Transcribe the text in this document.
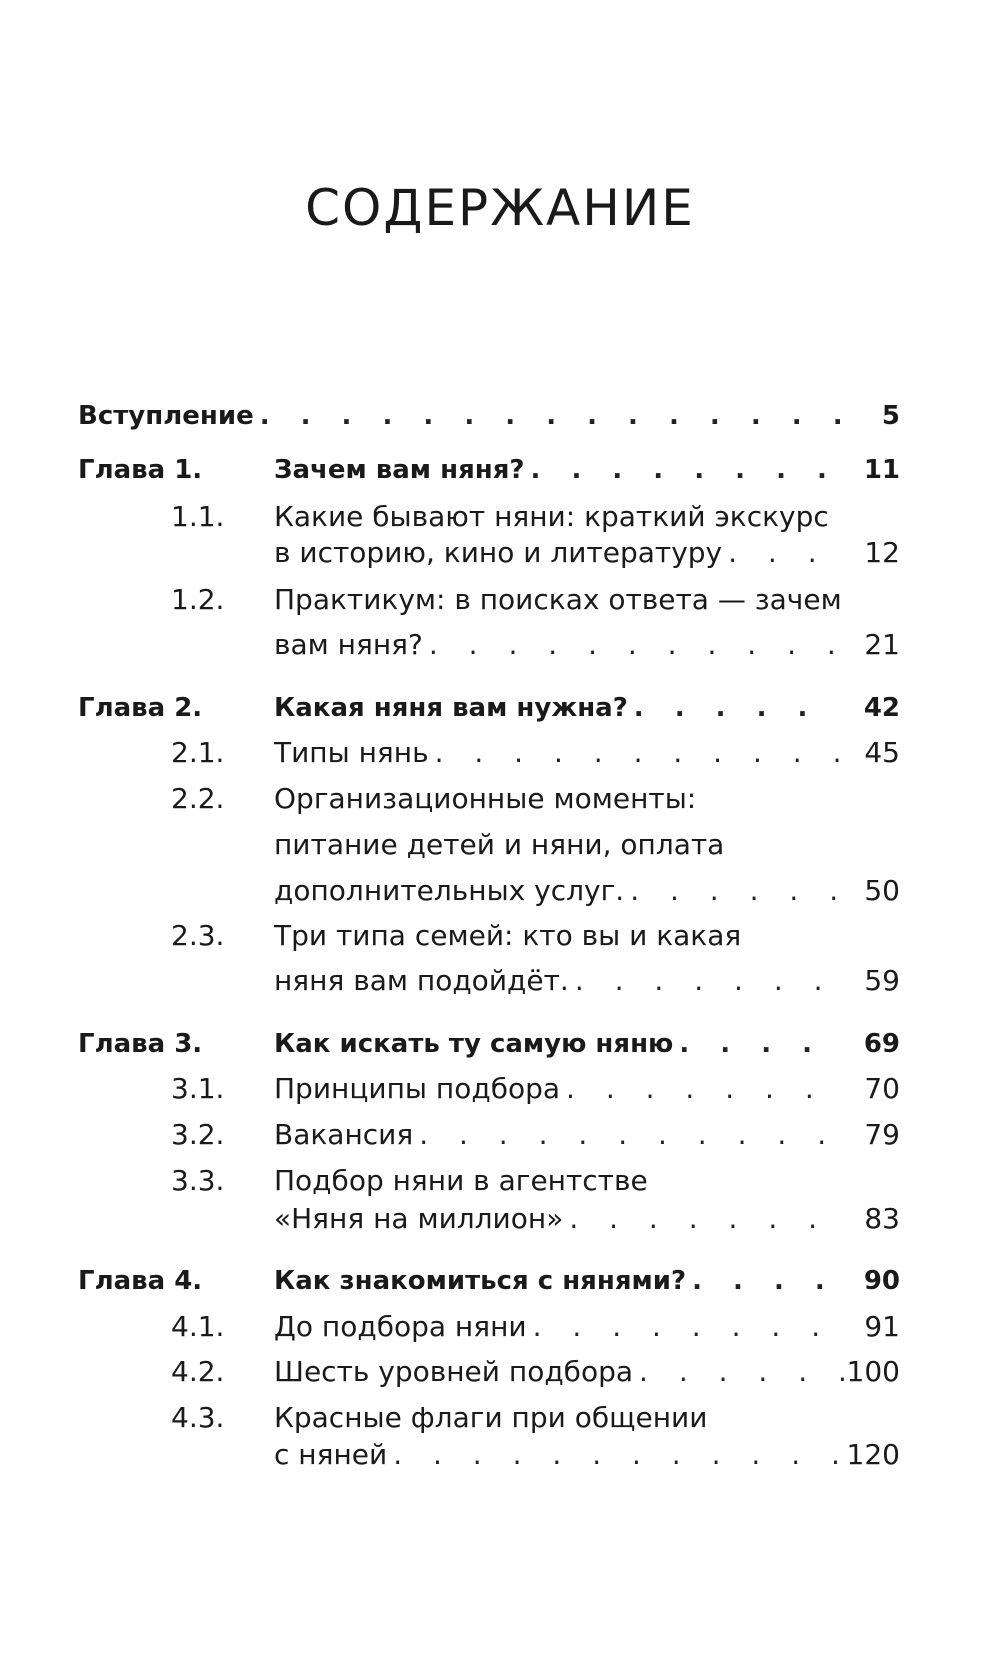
СОДЕРЖАНИЕ
Вступление . . .	5
Глава 1.	Зачем вам няня? . . .	11
1.1. Какие бывают няни: краткий экскурс
в историю, кино и литературу . . .	12
1.2. Практикум: в поисках ответа — зачем
вам няня? . . .	21
Глава 2.	Какая няня вам нужна? . . .	42
2.1. Типы нянь . . .	45
2.2. Организационные моменты:
питание детей и няни, оплата
дополнительных услуг. . . .	50
2.3. Три типа семей: кто вы и какая
няня вам подойдёт. . . .	59
Глава 3.	Как искать ту самую няню . . .	69
3.1. Принципы подбора . . .	70
3.2. Вакансия . . .	79
3.3. Подбор няни в агентстве
«Няня на миллион» . . .	83
Глава 4.	Как знакомиться с нянями? . . .	90
4.1. До подбора няни . . .	91
4.2. Шесть уровней подбора . . .	100
4.3. Красные флаги при общении
с няней . . .	120
